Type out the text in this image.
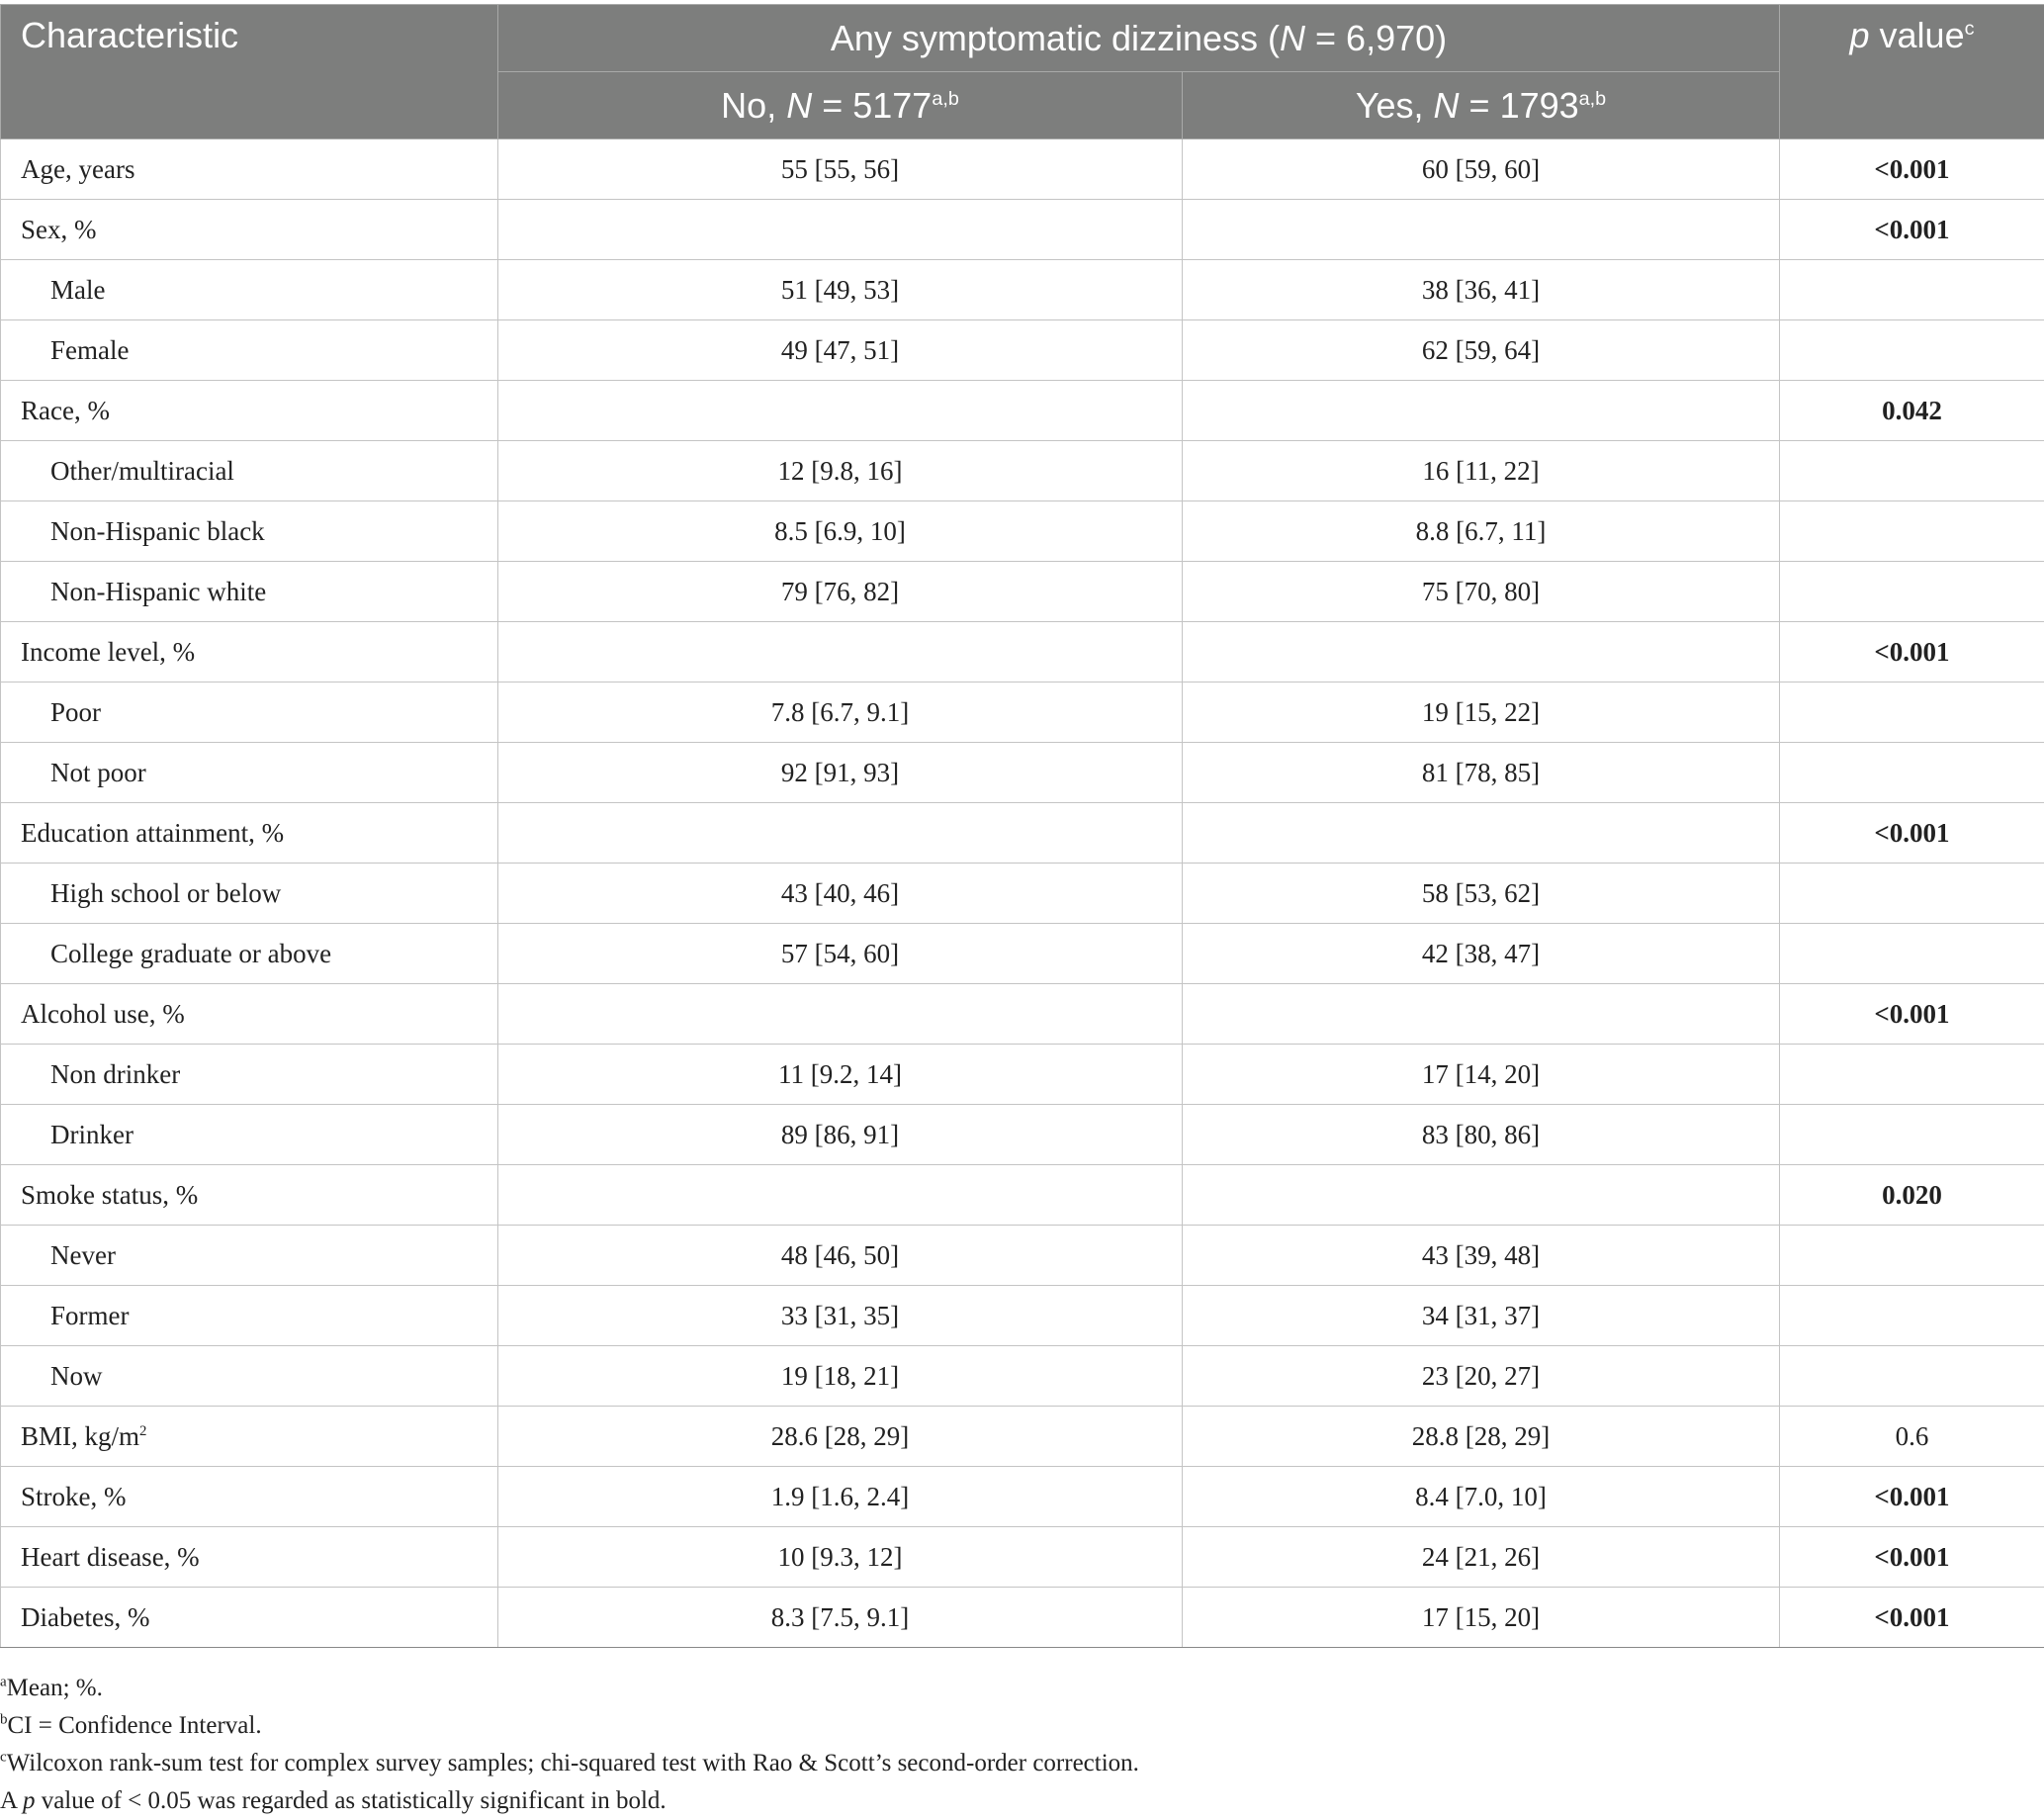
Characteristic	Any symptomatic dizziness (N = 6,970)		p value$^c$
	No, $N = 5177^{a,b}$	Yes, $N = 1793^{a,b}$
Age, years	55 [55, 56]	60 [59, 60]	<0.001
Sex, %			<0.001
Male	51 [49, 53]	38 [36, 41]	
Female	49 [47, 51]	62 [59, 64]	
Race, %			0.042
Other/multiracial	12 [9.8, 16]	16 [11, 22]	
Non-Hispanic black	8.5 [6.9, 10]	8.8 [6.7, 11]	
Non-Hispanic white	79 [76, 82]	75 [70, 80]	
Income level, %			<0.001
Poor	7.8 [6.7, 9.1]	19 [15, 22]	
Not poor	92 [91, 93]	81 [78, 85]	
Education attainment, %			<0.001
High school or below	43 [40, 46]	58 [53, 62]	
College graduate or above	57 [54, 60]	42 [38, 47]	
Alcohol use, %			<0.001
Non drinker	11 [9.2, 14]	17 [14, 20]	
Drinker	89 [86, 91]	83 [80, 86]	
Smoke status, %			0.020
Never	48 [46, 50]	43 [39, 48]	
Former	33 [31, 35]	34 [31, 37]	
Now	19 [18, 21]	23 [20, 27]	
BMI, $kg/m^2$	28.6 [28, 29]	28.8 [28, 29]	0.6
Stroke, %	1.9 [1.6, 2.4]	8.4 [7.0, 10]	<0.001
Heart disease, %	10 [9.3, 12]	24 [21, 26]	<0.001
Diabetes, %	8.3 [7.5, 9.1]	17 [15, 20]	<0.001
$^a$Mean; %.
$^b$CI = Confidence Interval.
$^c$Wilcoxon rank-sum test for complex survey samples; chi-squared test with Rao & Scott’s second-order correction.
A p value of < 0.05 was regarded as statistically significant in bold.
